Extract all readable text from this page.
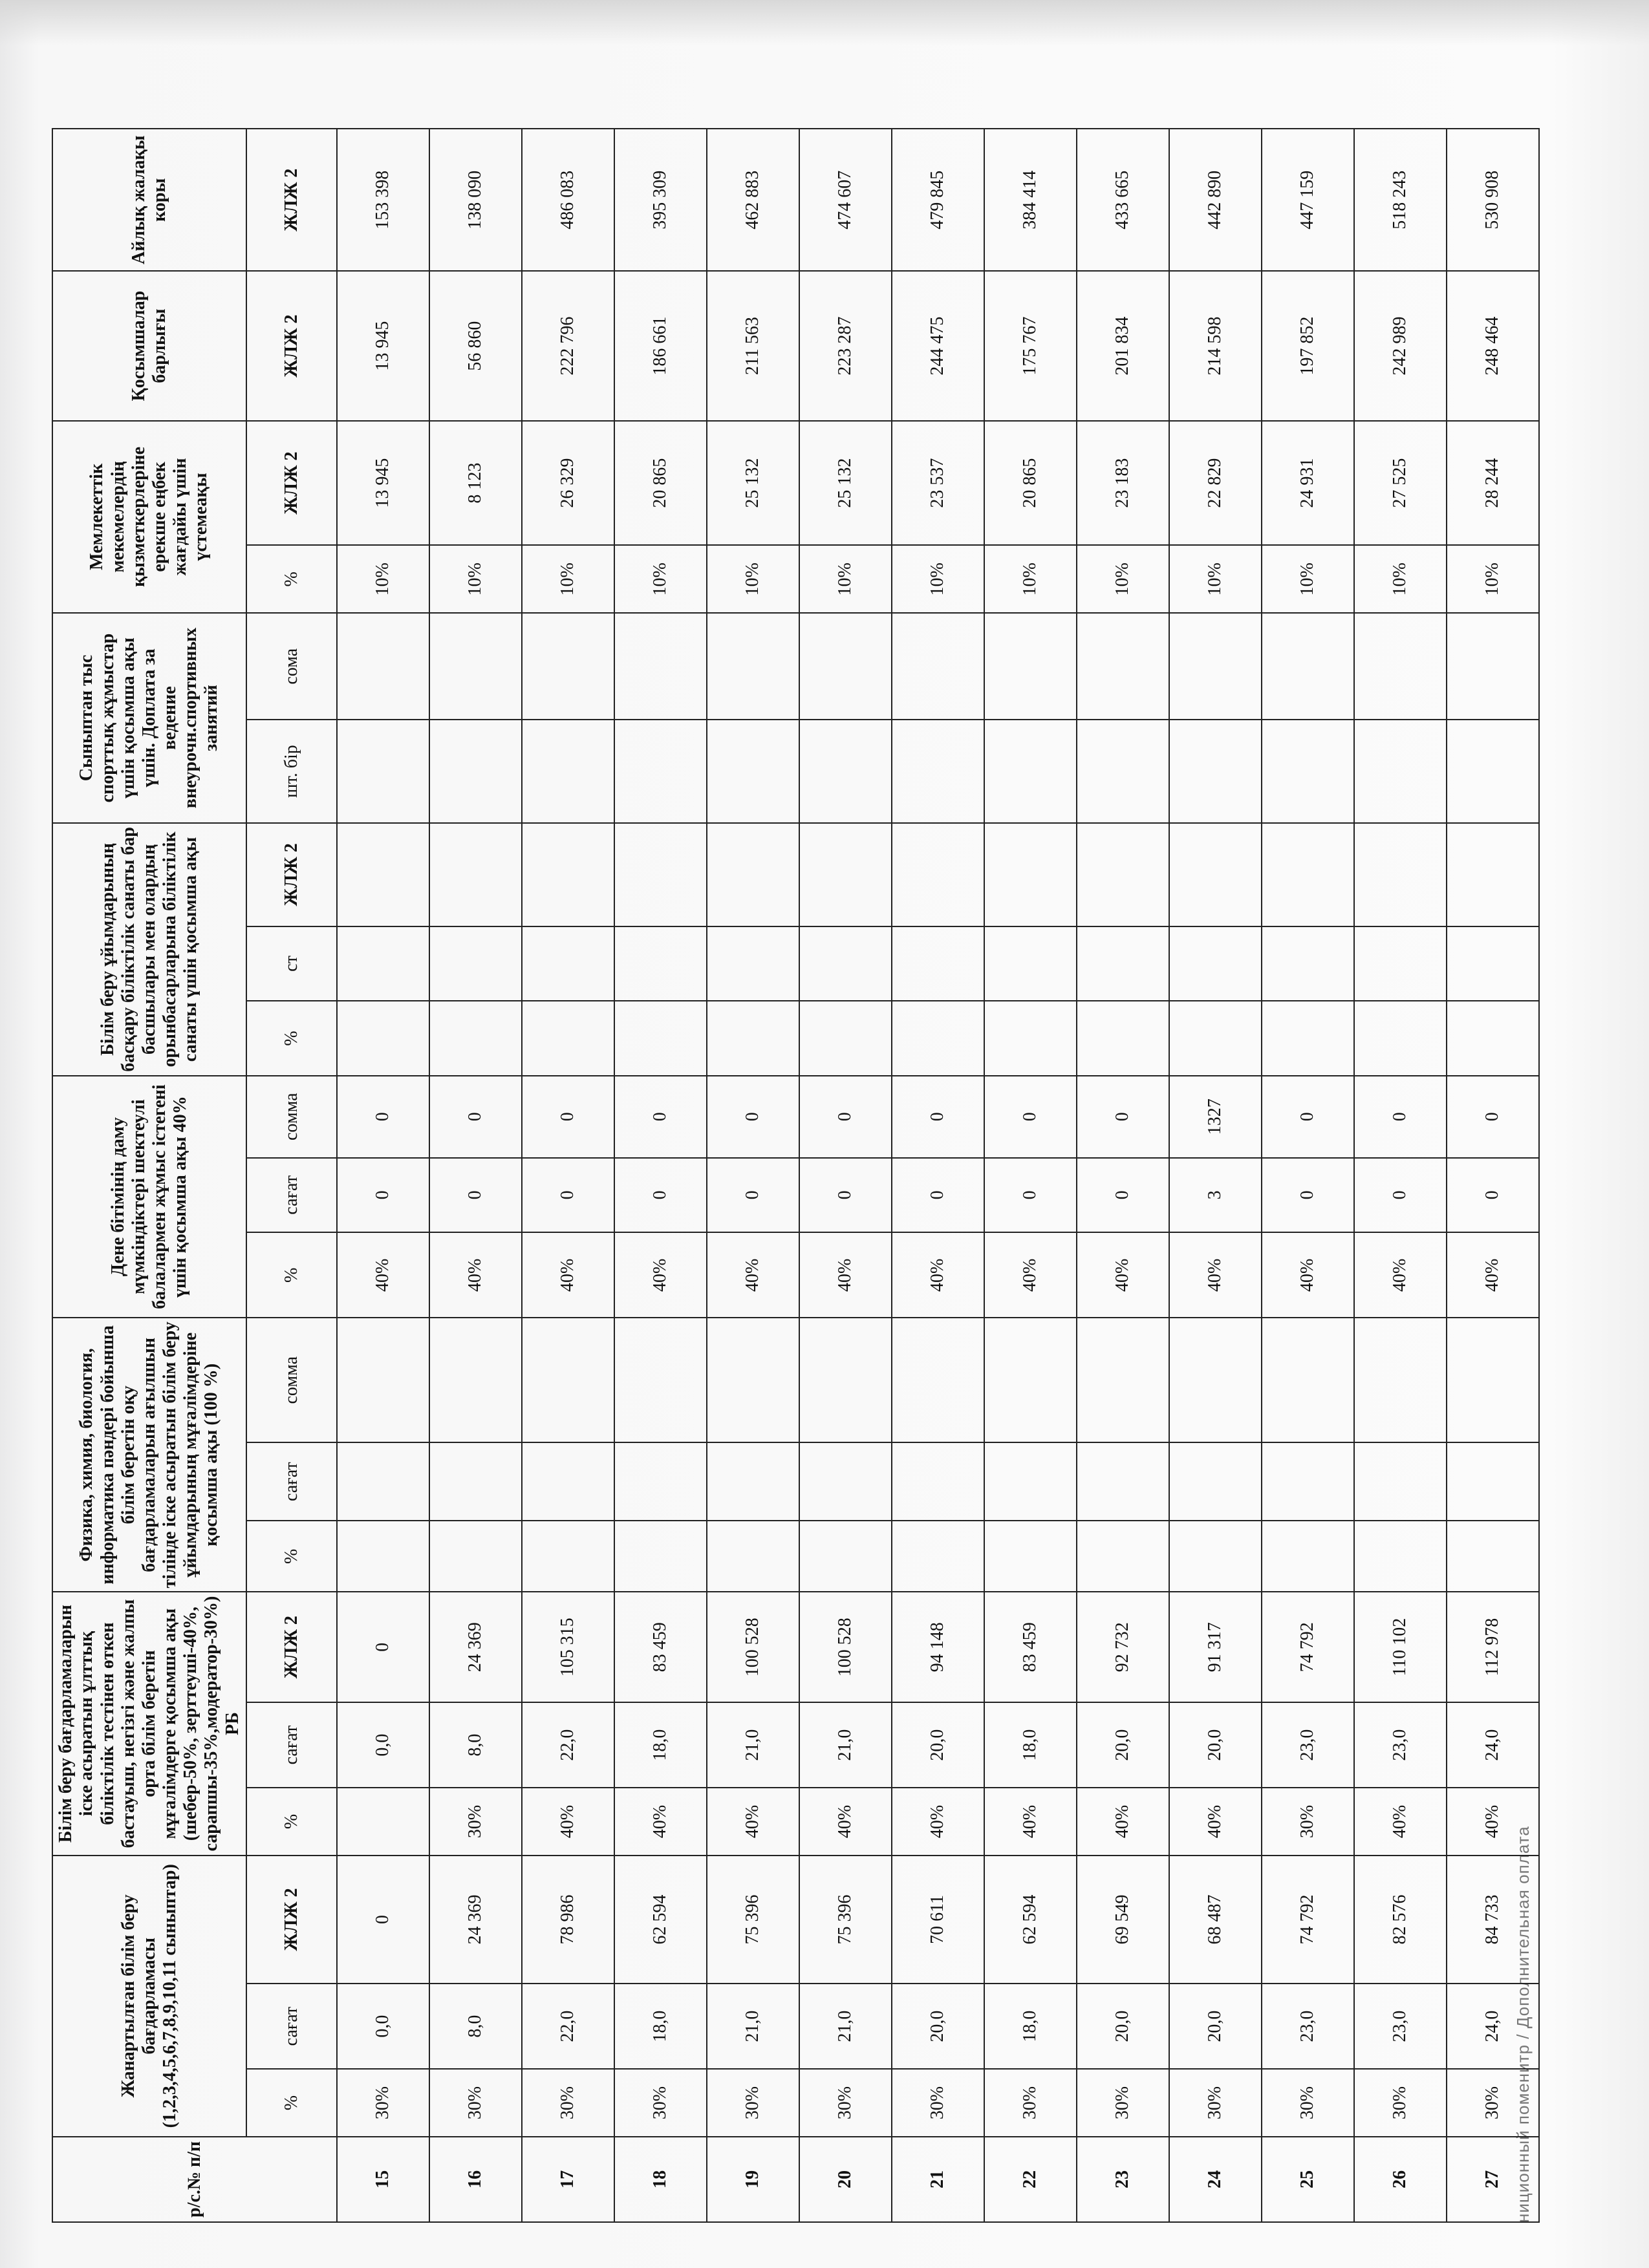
ниционный поменитр / Дополнительная оплата
р/с.№ п/п	Жанартылған білім беру бағдарламасы (1,2,3,4,5,6,7,8,9,10,11 сыныптар)			Білім беру бағдарламаларын іске асыратын ұлттық біліктілік тестінен өткен бастауыш, негізгі және жалпы орта білім беретін мұғалімдерге қосымша ақы (шебер-50%, зерттеуші-40%, сарапшы-35%,модератор-30%) РБ			Физика, химия, биология, информатика пәндері бойынша білім беретін оқу бағдарламаларын ағылшын тілінде іске асыратын білім беру ұйымдарының мұғалімдеріне қосымша ақы (100 %)			Дене бітімінің даму мүмкіндіктері шектеулі балалармен жұмыс істегені үшін қосымша ақы 40%			Білім беру ұйымдарының басқару біліктілік санаты бар басшылары мен олардың орынбасарларына біліктілік санаты үшін қосымша ақы			Сыныптан тыс спорттық жұмыстар үшін қосымша ақы үшін. Доплата за ведение внеурочн.спортивных занятий		Мемлекеттік мекемелердің қызметкерлеріне ерекше еңбек жағдайы үшін үстемеақы		Қосымшалар барлығы	Айлық жалақы коры
	%	сағат	ЖЛЖ 2	%	сағат	ЖЛЖ 2	%	сағат	сомма	%	сағат	сомма	%	ст	ЖЛЖ 2	шт. бір	сома	%	ЖЛЖ 2	ЖЛЖ 2	ЖЛЖ 2
15	30%	0,0	0		0,0	0				40%	0	0						10%	13 945	13 945	153 398
16	30%	8,0	24 369	30%	8,0	24 369				40%	0	0						10%	8 123	56 860	138 090
17	30%	22,0	78 986	40%	22,0	105 315				40%	0	0						10%	26 329	222 796	486 083
18	30%	18,0	62 594	40%	18,0	83 459				40%	0	0						10%	20 865	186 661	395 309
19	30%	21,0	75 396	40%	21,0	100 528				40%	0	0						10%	25 132	211 563	462 883
20	30%	21,0	75 396	40%	21,0	100 528				40%	0	0						10%	25 132	223 287	474 607
21	30%	20,0	70 611	40%	20,0	94 148				40%	0	0						10%	23 537	244 475	479 845
22	30%	18,0	62 594	40%	18,0	83 459				40%	0	0						10%	20 865	175 767	384 414
23	30%	20,0	69 549	40%	20,0	92 732				40%	0	0						10%	23 183	201 834	433 665
24	30%	20,0	68 487	40%	20,0	91 317				40%	3	1327						10%	22 829	214 598	442 890
25	30%	23,0	74 792	30%	23,0	74 792				40%	0	0						10%	24 931	197 852	447 159
26	30%	23,0	82 576	40%	23,0	110 102				40%	0	0						10%	27 525	242 989	518 243
27	30%	24,0	84 733	40%	24,0	112 978				40%	0	0						10%	28 244	248 464	530 908
